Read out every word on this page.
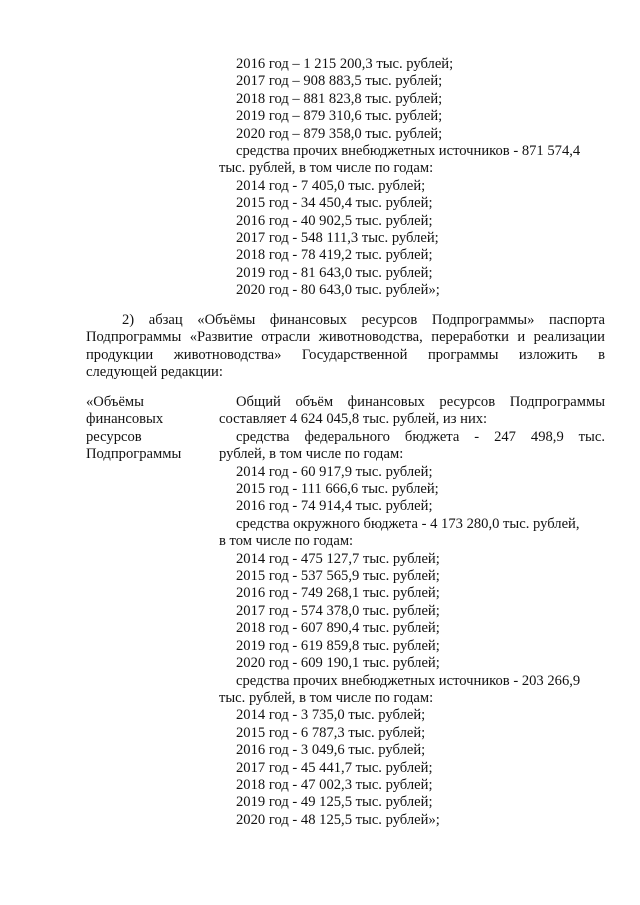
2016 год – 1 215 200,3 тыс. рублей;
2017 год – 908 883,5 тыс. рублей;
2018 год – 881 823,8 тыс. рублей;
2019 год – 879 310,6 тыс. рублей;
2020 год – 879 358,0 тыс. рублей;
средства прочих внебюджетных источников - 871 574,4
тыс. рублей, в том числе по годам:
2014 год - 7 405,0 тыс. рублей;
2015 год - 34 450,4 тыс. рублей;
2016 год - 40 902,5 тыс. рублей;
2017 год - 548 111,3 тыс. рублей;
2018 год - 78 419,2 тыс. рублей;
2019 год - 81 643,0 тыс. рублей;
2020 год - 80 643,0 тыс. рублей»;
2) абзац «Объёмы финансовых ресурсов Подпрограммы» паспорта
Подпрограммы «Развитие отрасли животноводства, переработки и реализации
продукции животноводства» Государственной программы изложить в
следующей редакции:
«Объёмы
финансовых
ресурсов
Подпрограммы
Общий объём финансовых ресурсов Подпрограммы
составляет 4 624 045,8 тыс. рублей, из них:
средства федерального бюджета - 247 498,9 тыс.
рублей, в том числе по годам:
2014 год - 60 917,9 тыс. рублей;
2015 год - 111 666,6 тыс. рублей;
2016 год - 74 914,4 тыс. рублей;
средства окружного бюджета - 4 173 280,0 тыс. рублей,
в том числе по годам:
2014 год - 475 127,7 тыс. рублей;
2015 год - 537 565,9 тыс. рублей;
2016 год - 749 268,1 тыс. рублей;
2017 год - 574 378,0 тыс. рублей;
2018 год - 607 890,4 тыс. рублей;
2019 год - 619 859,8 тыс. рублей;
2020 год - 609 190,1 тыс. рублей;
средства прочих внебюджетных источников - 203 266,9
тыс. рублей, в том числе по годам:
2014 год - 3 735,0 тыс. рублей;
2015 год - 6 787,3 тыс. рублей;
2016 год - 3 049,6 тыс. рублей;
2017 год - 45 441,7 тыс. рублей;
2018 год - 47 002,3 тыс. рублей;
2019 год - 49 125,5 тыс. рублей;
2020 год - 48 125,5 тыс. рублей»;
